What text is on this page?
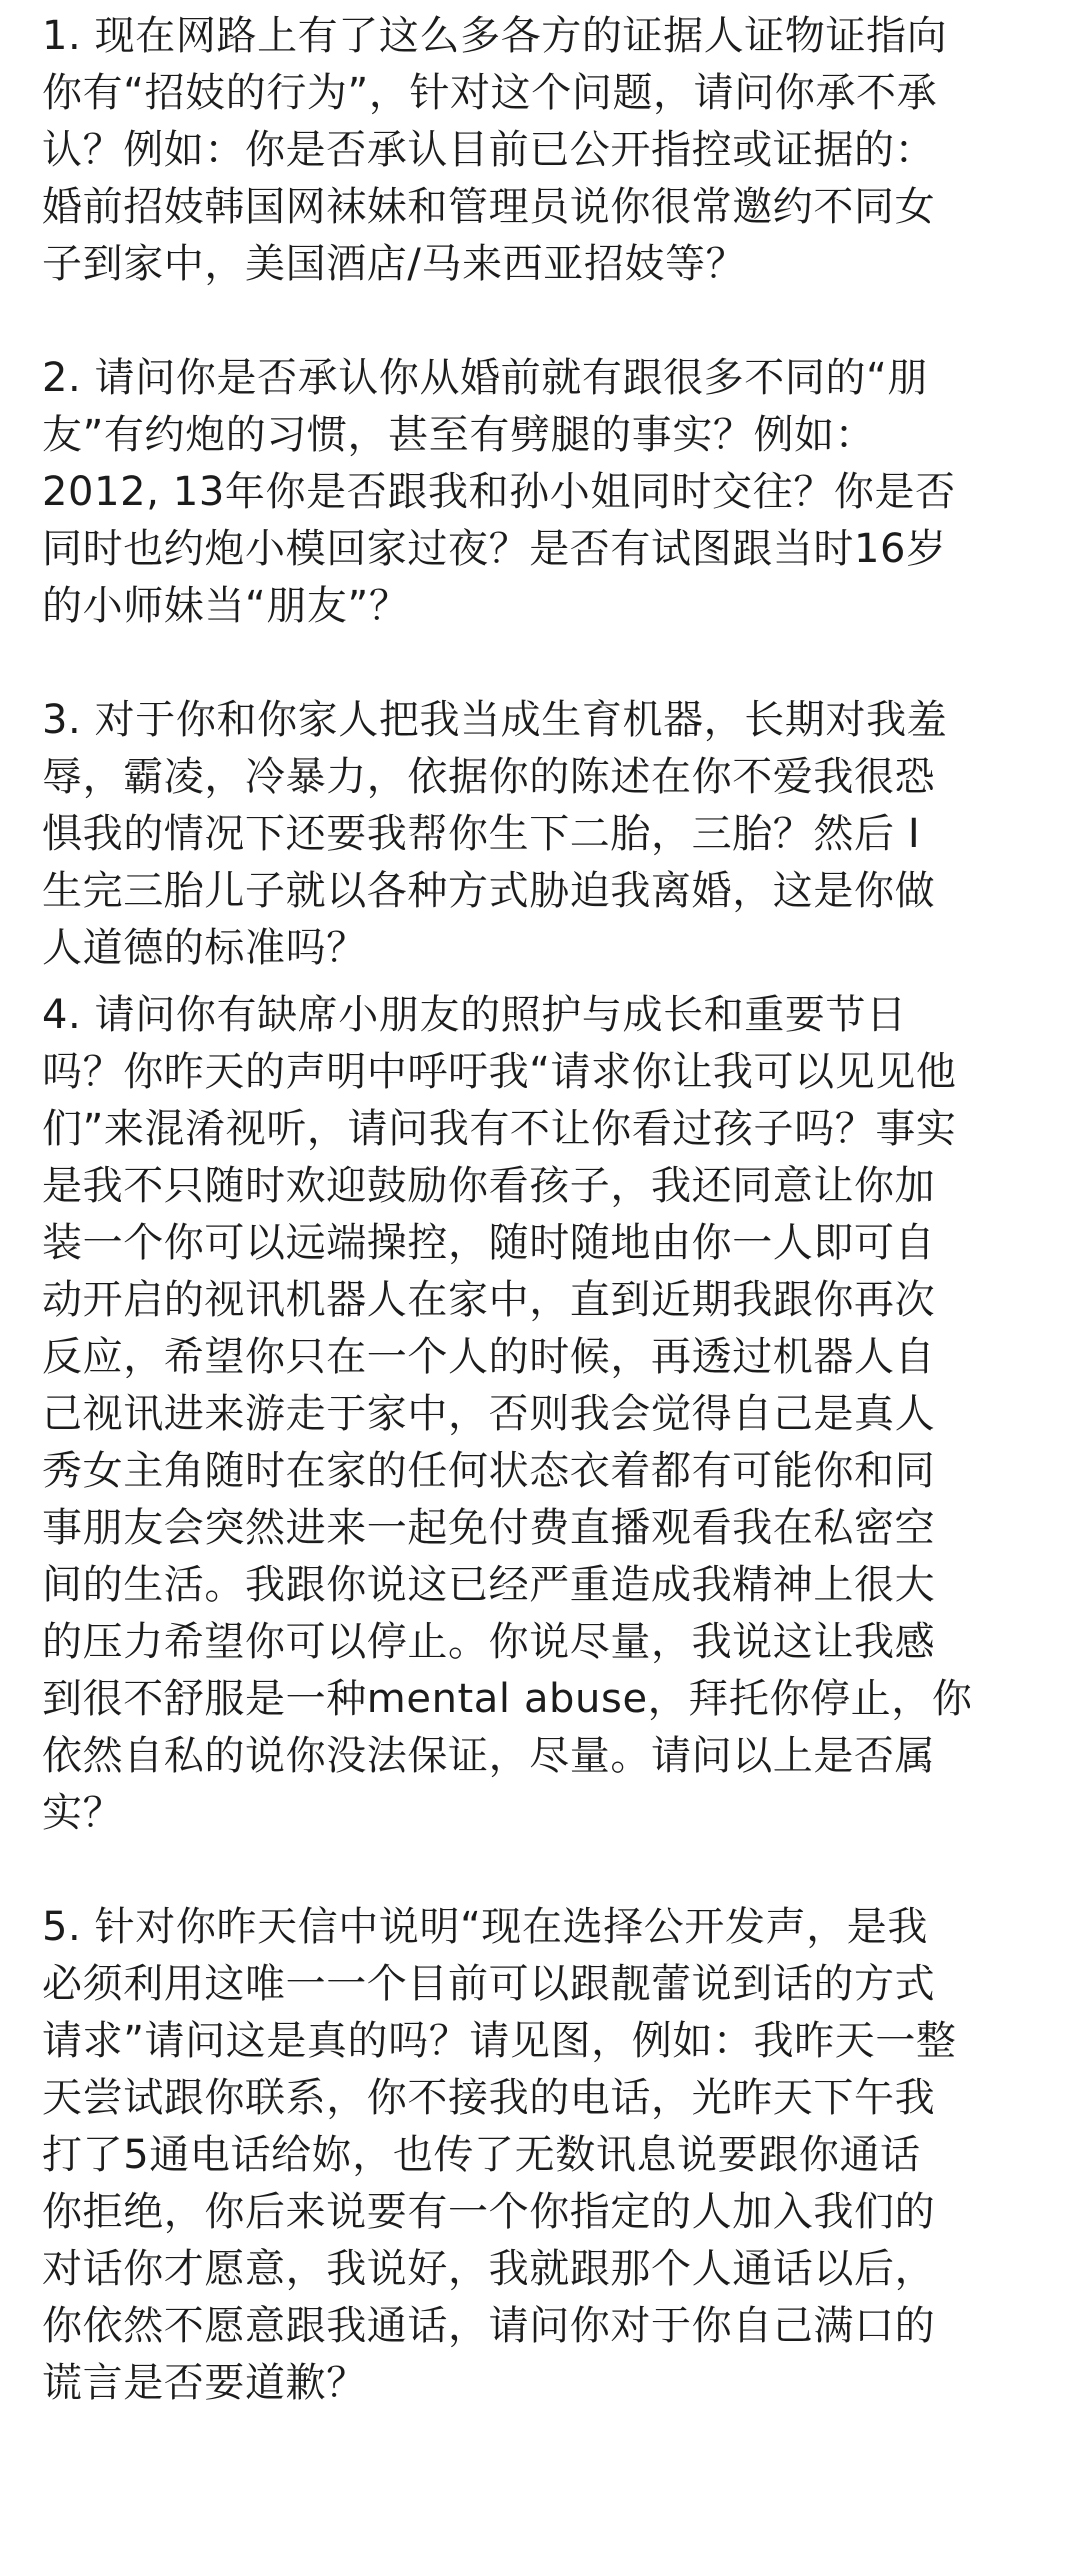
1. 现在网路上有了这么多各方的证据人证物证指向
你有“招妓的行为”，针对这个问题，请问你承不承
认？例如：你是否承认目前已公开指控或证据的：
婚前招妓韩国网袜妹和管理员说你很常邀约不同女
子到家中，美国酒店/马来西亚招妓等？

2. 请问你是否承认你从婚前就有跟很多不同的“朋
友”有约炮的习惯，甚至有劈腿的事实？例如：
2012, 13年你是否跟我和孙小姐同时交往？你是否
同时也约炮小模回家过夜？是否有试图跟当时16岁
的小师妹当“朋友”？

3. 对于你和你家人把我当成生育机器，长期对我羞
辱，霸凌，冷暴力，依据你的陈述在你不爱我很恐
惧我的情况下还要我帮你生下二胎，三胎？然后 I
生完三胎儿子就以各种方式胁迫我离婚，这是你做
人道德的标准吗？

4. 请问你有缺席小朋友的照护与成长和重要节日
吗？你昨天的声明中呼吁我“请求你让我可以见见他
们”来混淆视听，请问我有不让你看过孩子吗？事实
是我不只随时欢迎鼓励你看孩子，我还同意让你加
装一个你可以远端操控，随时随地由你一人即可自
动开启的视讯机器人在家中，直到近期我跟你再次
反应，希望你只在一个人的时候，再透过机器人自
己视讯进来游走于家中，否则我会觉得自己是真人
秀女主角随时在家的任何状态衣着都有可能你和同
事朋友会突然进来一起免付费直播观看我在私密空
间的生活。我跟你说这已经严重造成我精神上很大
的压力希望你可以停止。你说尽量，我说这让我感
到很不舒服是一种mental abuse，拜托你停止，你
依然自私的说你没法保证，尽量。请问以上是否属
实？

5. 针对你昨天信中说明“现在选择公开发声，是我
必须利用这唯一一个目前可以跟靓蕾说到话的方式
请求”请问这是真的吗？请见图，例如：我昨天一整
天尝试跟你联系，你不接我的电话，光昨天下午我
打了5通电话给妳，也传了无数讯息说要跟你通话
你拒绝，你后来说要有一个你指定的人加入我们的
对话你才愿意，我说好，我就跟那个人通话以后，
你依然不愿意跟我通话，请问你对于你自己满口的
谎言是否要道歉？
